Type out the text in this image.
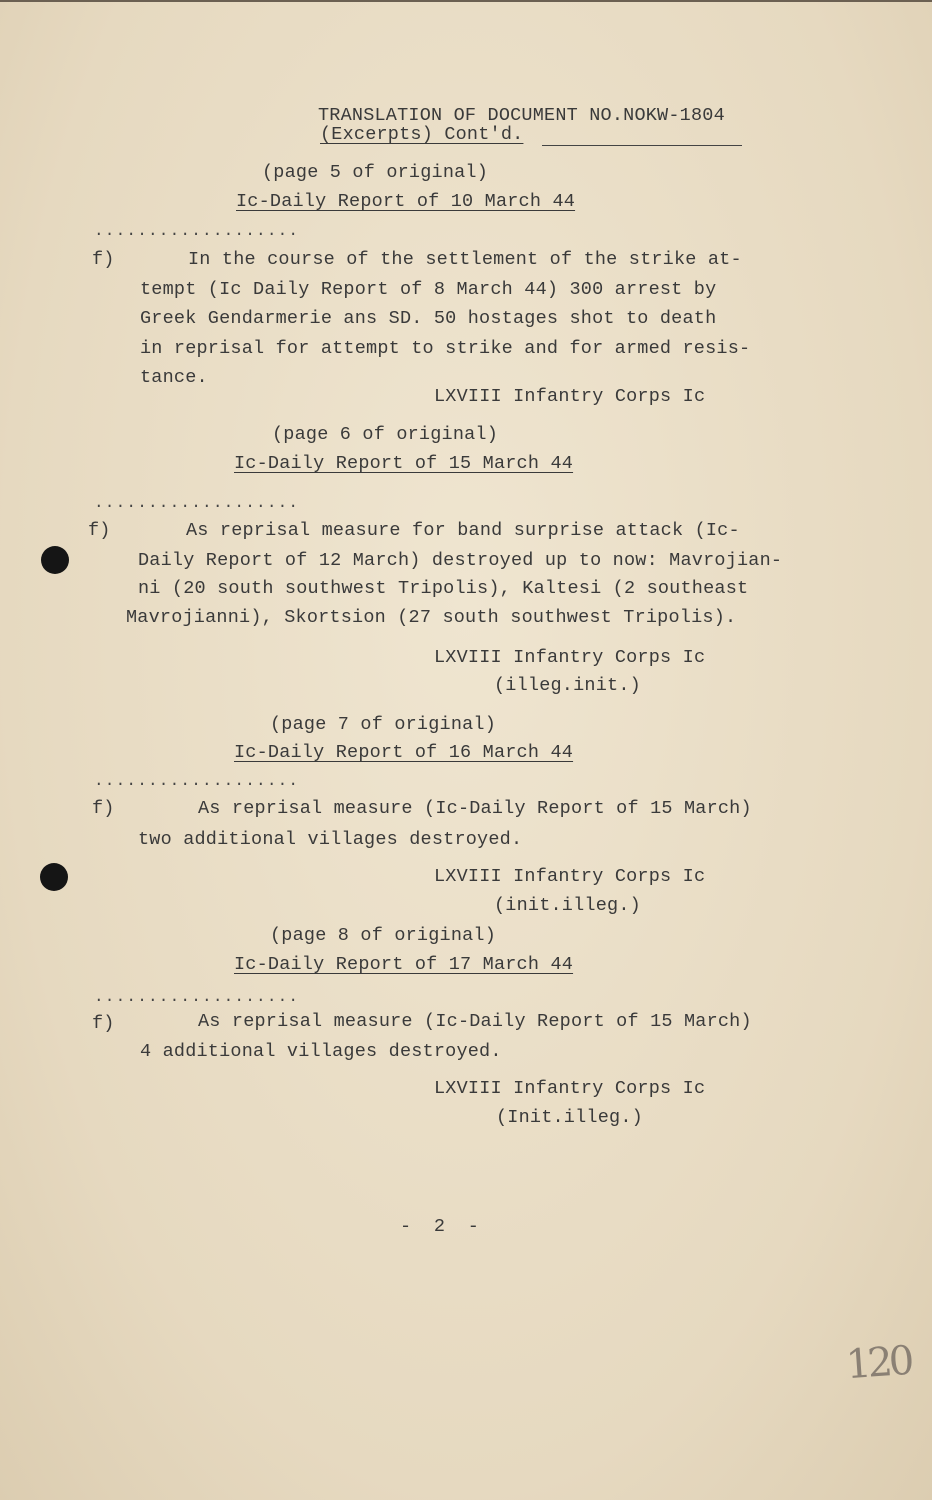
TRANSLATION OF DOCUMENT NO.NOKW-1804
(Excerpts) Cont'd.
(page 5 of original)
Ic-Daily Report of 10 March 44
...................
f)	In the course of the settlement of the strike at-
tempt (Ic Daily Report of 8 March 44) 300 arrest by
Greek Gendarmerie ans SD. 50 hostages shot to death
in reprisal for attempt to strike and for armed resis-
tance.
LXVIII Infantry Corps Ic
(page 6 of original)
Ic-Daily Report of 15 March 44
...................
f)	As reprisal measure for band surprise attack (Ic-
Daily Report of 12 March) destroyed up to now: Mavrojian-
ni (20 south southwest Tripolis), Kaltesi (2 southeast
Mavrojianni), Skortsion (27 south southwest Tripolis).
LXVIII Infantry Corps Ic
(illeg.init.)
(page 7 of original)
Ic-Daily Report of 16 March 44
...................
f)	As reprisal measure (Ic-Daily Report of 15 March)
two additional villages destroyed.
LXVIII Infantry Corps Ic
(init.illeg.)
(page 8 of original)
Ic-Daily Report of 17 March 44
...................
f)	As reprisal measure (Ic-Daily Report of 15 March)
4 additional villages destroyed.
LXVIII Infantry Corps Ic
(Init.illeg.)
-  2  -
120
